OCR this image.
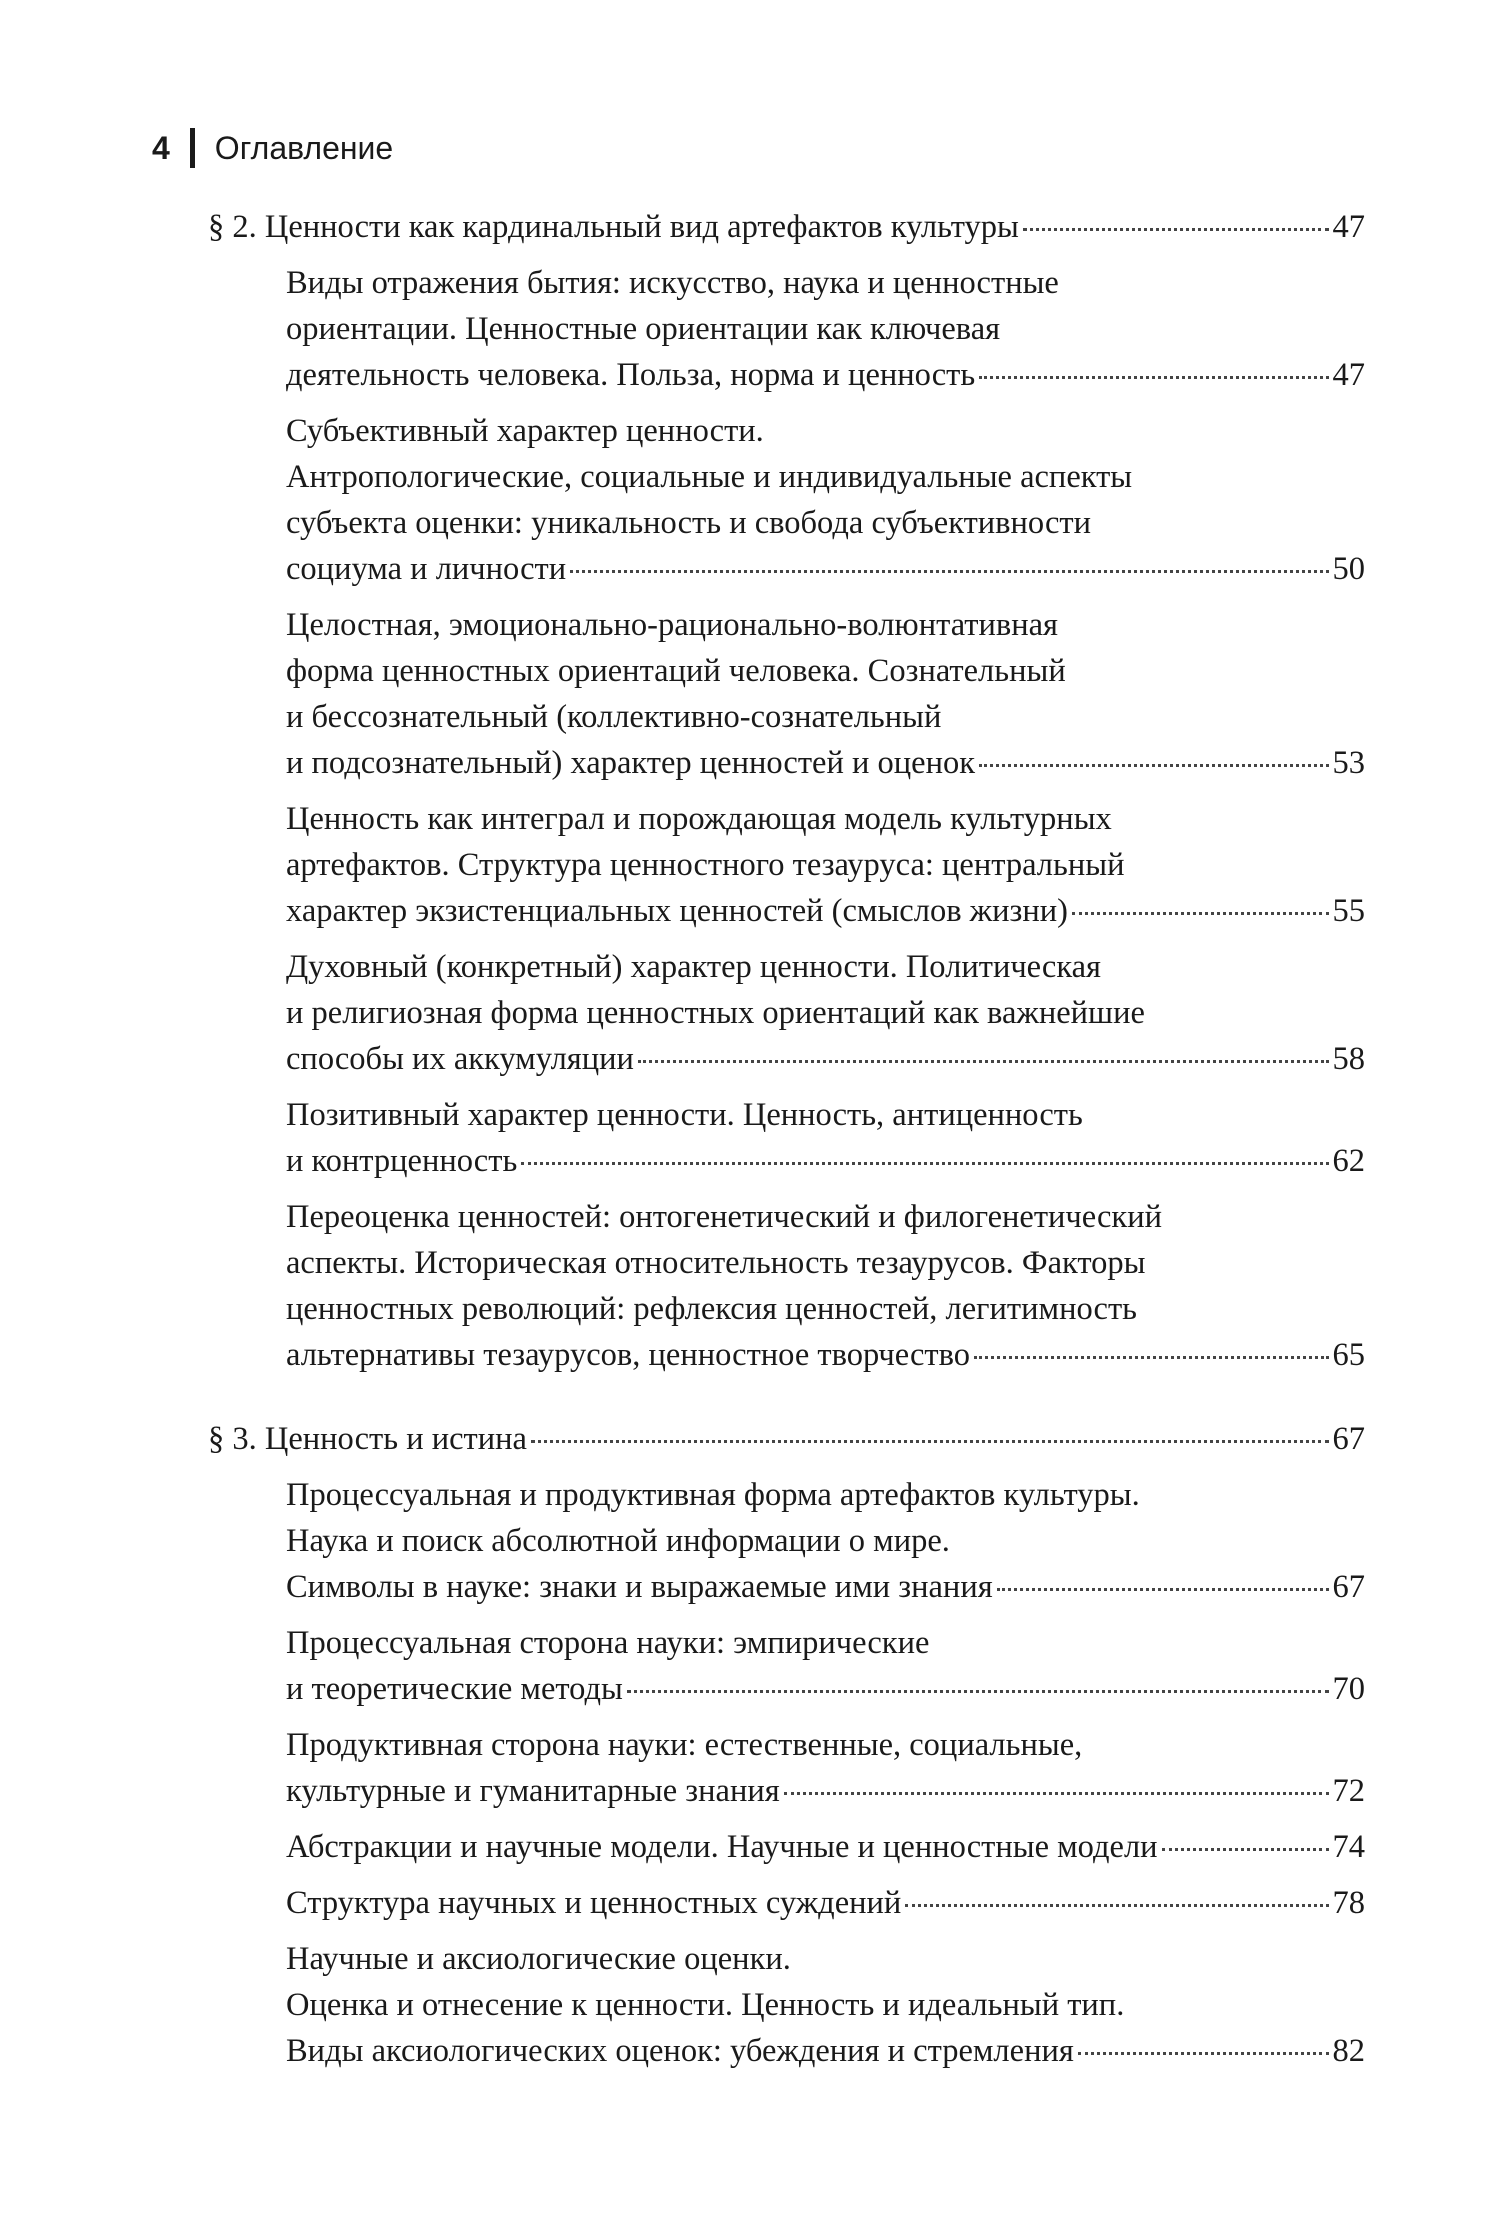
4 Оглавление
§ 2. Ценности как кардинальный вид артефактов культуры	47
Виды отражения бытия: искусство, наука и ценностные
ориентации. Ценностные ориентации как ключевая
деятельность человека. Польза, норма и ценность	47
Субъективный характер ценности.
Антропологические, социальные и индивидуальные аспекты
субъекта оценки: уникальность и свобода субъективности
социума и личности	50
Целостная, эмоционально-рационально-волюнтативная
форма ценностных ориентаций человека. Сознательный
и бессознательный (коллективно-сознательный
и подсознательный) характер ценностей и оценок	53
Ценность как интеграл и порождающая модель культурных
артефактов. Структура ценностного тезауруса: центральный
характер экзистенциальных ценностей (смыслов жизни)	55
Духовный (конкретный) характер ценности. Политическая
и религиозная форма ценностных ориентаций как важнейшие
способы их аккумуляции	58
Позитивный характер ценности. Ценность, антиценность
и контрценность	62
Переоценка ценностей: онтогенетический и филогенетический
аспекты. Историческая относительность тезаурусов. Факторы
ценностных революций: рефлексия ценностей, легитимность
альтернативы тезаурусов, ценностное творчество	65
§ 3. Ценность и истина	67
Процессуальная и продуктивная форма артефактов культуры.
Наука и поиск абсолютной информации о мире.
Символы в науке: знаки и выражаемые ими знания	67
Процессуальная сторона науки: эмпирические
и теоретические методы	70
Продуктивная сторона науки: естественные, социальные,
культурные и гуманитарные знания	72
Абстракции и научные модели. Научные и ценностные модели	74
Структура научных и ценностных суждений	78
Научные и аксиологические оценки.
Оценка и отнесение к ценности. Ценность и идеальный тип.
Виды аксиологических оценок: убеждения и стремления	82
